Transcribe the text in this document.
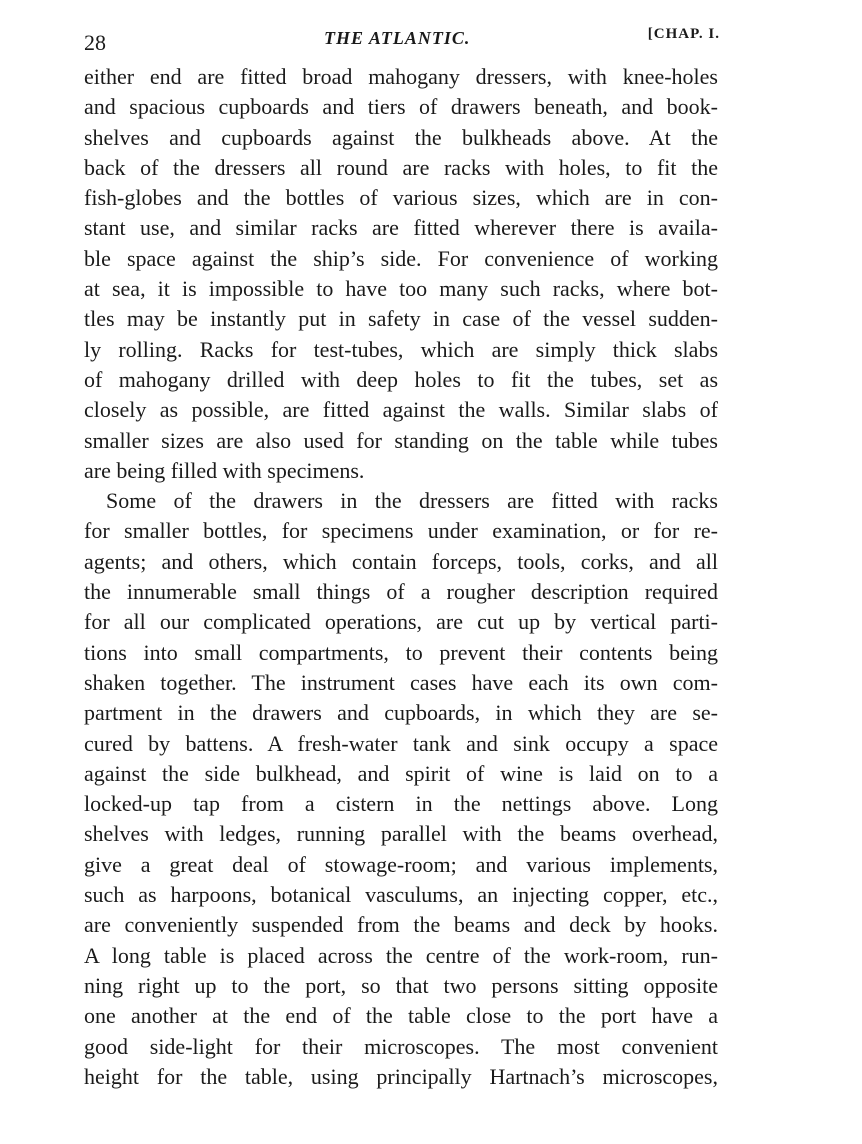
28	THE ATLANTIC.	[CHAP. I.
either end are fitted broad mahogany dressers, with knee-holes
and spacious cupboards and tiers of drawers beneath, and book-
shelves and cupboards against the bulkheads above. At the
back of the dressers all round are racks with holes, to fit the
fish-globes and the bottles of various sizes, which are in con-
stant use, and similar racks are fitted wherever there is availa-
ble space against the ship’s side. For convenience of working
at sea, it is impossible to have too many such racks, where bot-
tles may be instantly put in safety in case of the vessel sudden-
ly rolling. Racks for test-tubes, which are simply thick slabs
of mahogany drilled with deep holes to fit the tubes, set as
closely as possible, are fitted against the walls. Similar slabs of
smaller sizes are also used for standing on the table while tubes
are being filled with specimens.
Some of the drawers in the dressers are fitted with racks
for smaller bottles, for specimens under examination, or for re-
agents; and others, which contain forceps, tools, corks, and all
the innumerable small things of a rougher description required
for all our complicated operations, are cut up by vertical parti-
tions into small compartments, to prevent their contents being
shaken together. The instrument cases have each its own com-
partment in the drawers and cupboards, in which they are se-
cured by battens. A fresh-water tank and sink occupy a space
against the side bulkhead, and spirit of wine is laid on to a
locked-up tap from a cistern in the nettings above. Long
shelves with ledges, running parallel with the beams overhead,
give a great deal of stowage-room; and various implements,
such as harpoons, botanical vasculums, an injecting copper, etc.,
are conveniently suspended from the beams and deck by hooks.
A long table is placed across the centre of the work-room, run-
ning right up to the port, so that two persons sitting opposite
one another at the end of the table close to the port have a
good side-light for their microscopes. The most convenient
height for the table, using principally Hartnach’s microscopes,
